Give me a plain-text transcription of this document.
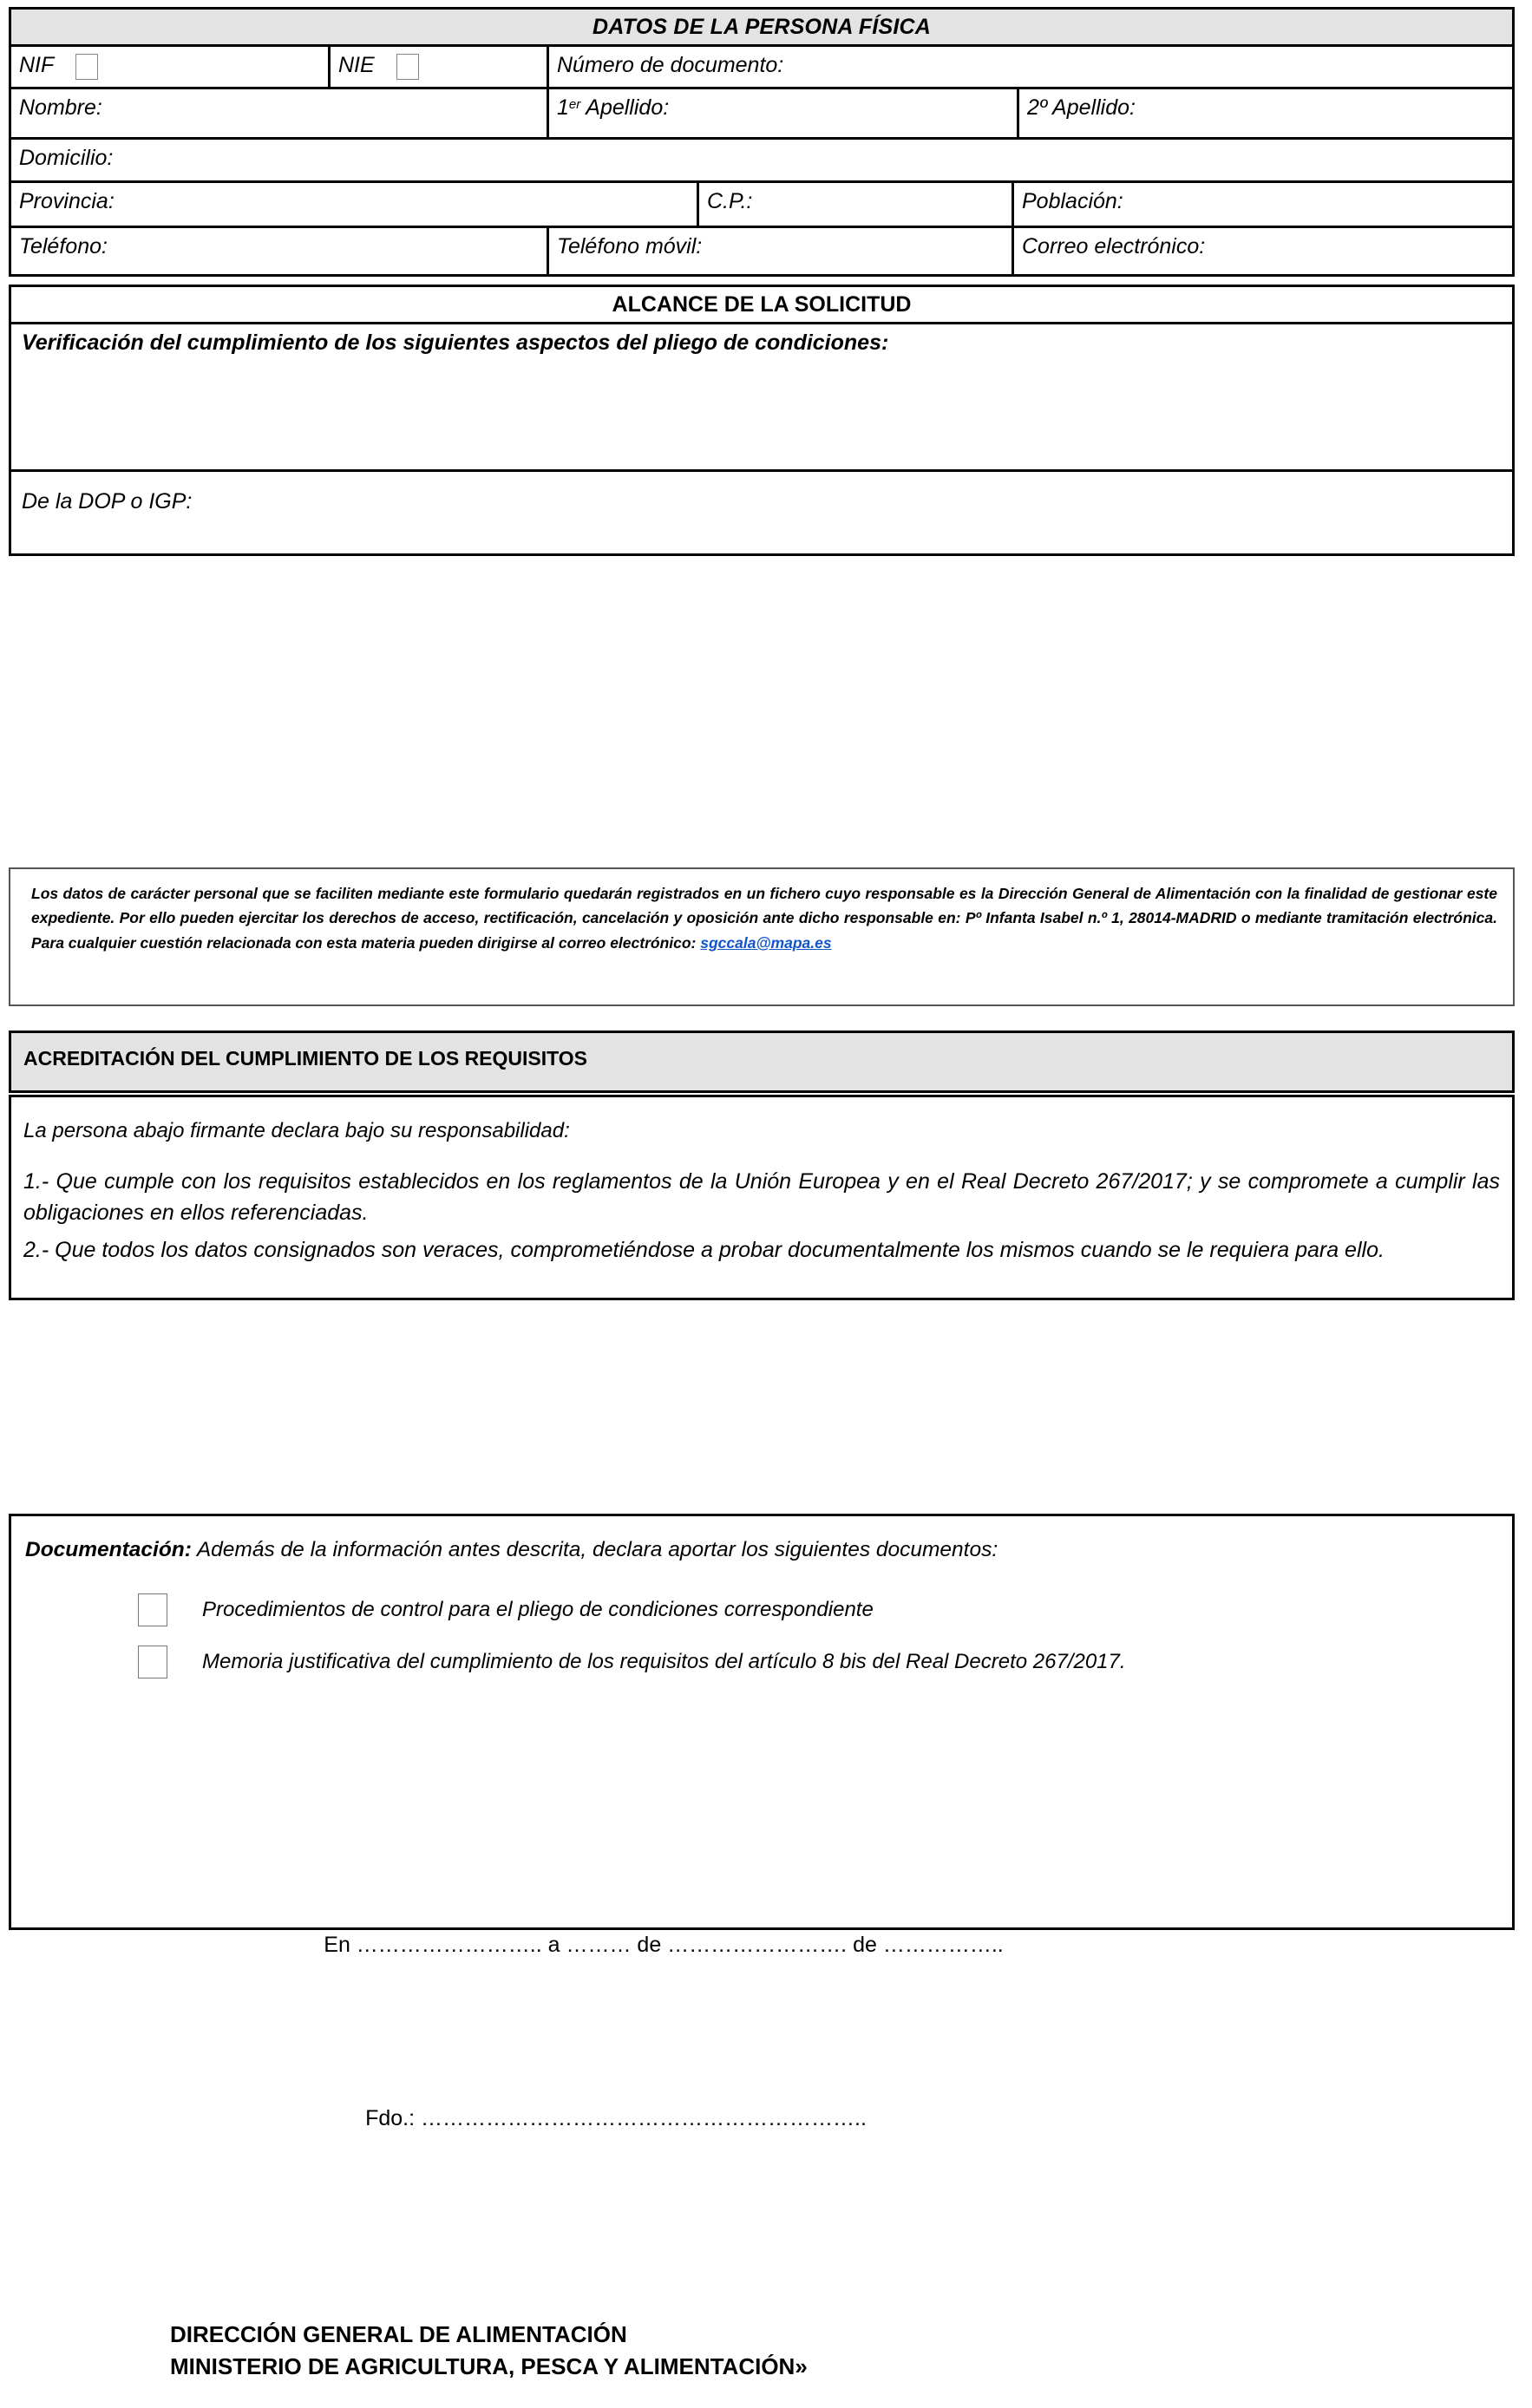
DATOS DE LA PERSONA FÍSICA
NIF	NIE	Número de documento:
Nombre:	1er Apellido:	2º Apellido:
Domicilio:
Provincia:	C.P.:	Población:
Teléfono:	Teléfono móvil:	Correo electrónico:
ALCANCE DE LA SOLICITUD
Verificación del cumplimiento de los siguientes aspectos del pliego de condiciones:
De la DOP o IGP:
Los datos de carácter personal que se faciliten mediante este formulario quedarán registrados en un fichero cuyo responsable es la Dirección General de Alimentación con la finalidad de gestionar este expediente. Por ello pueden ejercitar los derechos de acceso, rectificación, cancelación y oposición ante dicho responsable en: Pº Infanta Isabel n.º 1, 28014-MADRID o mediante tramitación electrónica. Para cualquier cuestión relacionada con esta materia pueden dirigirse al correo electrónico: sgccala@mapa.es
ACREDITACIÓN DEL CUMPLIMIENTO DE LOS REQUISITOS
La persona abajo firmante declara bajo su responsabilidad:
1.- Que cumple con los requisitos establecidos en los reglamentos de la Unión Europea y en el Real Decreto 267/2017; y se compromete a cumplir las obligaciones en ellos referenciadas.
2.- Que todos los datos consignados son veraces, comprometiéndose a probar documentalmente los mismos cuando se le requiera para ello.
Documentación: Además de la información antes descrita, declara aportar los siguientes documentos:
Procedimientos de control para el pliego de condiciones correspondiente
Memoria justificativa del cumplimiento de los requisitos del artículo 8 bis del Real Decreto 267/2017.
En …………………….. a ……… de ……………………. de ……………..
Fdo.: ……………………………………………………..
DIRECCIÓN GENERAL DE ALIMENTACIÓN
MINISTERIO DE AGRICULTURA, PESCA Y ALIMENTACIÓN»
